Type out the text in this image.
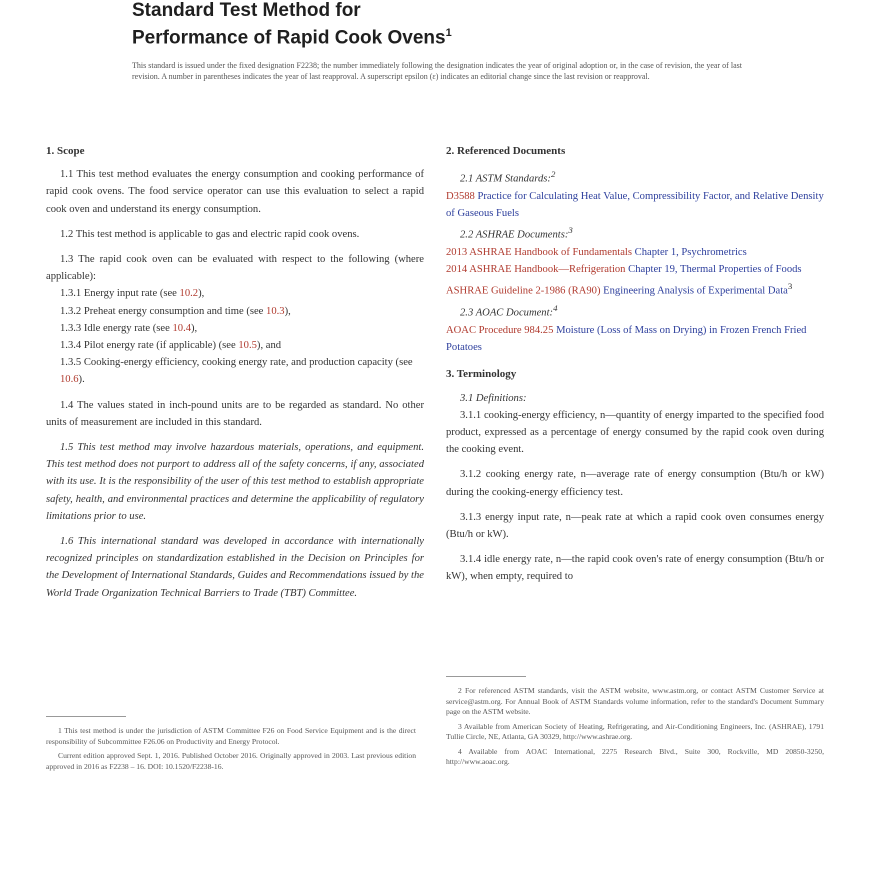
Standard Test Method for
Performance of Rapid Cook Ovens$^1$
This standard is issued under the fixed designation F2238; the number immediately following the designation indicates the year of original adoption or, in the case of revision, the year of last revision. A number in parentheses indicates the year of last reapproval. A superscript epsilon (ε) indicates an editorial change since the last revision or reapproval.
1. Scope

1.1 This test method evaluates the energy consumption and cooking performance of rapid cook ovens. The food service operator can use this evaluation to select a rapid cook oven and understand its energy consumption.

1.2 This test method is applicable to gas and electric rapid cook ovens.

1.3 The rapid cook oven can be evaluated with respect to the following (where applicable):

1.3.1 Energy input rate (see 10.2),

1.3.2 Preheat energy consumption and time (see 10.3),

1.3.3 Idle energy rate (see 10.4),

1.3.4 Pilot energy rate (if applicable) (see 10.5), and

1.3.5 Cooking-energy efficiency, cooking energy rate, and production capacity (see 10.6).

1.4 The values stated in inch-pound units are to be regarded as standard. No other units of measurement are included in this standard.

1.5 This test method may involve hazardous materials, operations, and equipment. This test method does not purport to address all of the safety concerns, if any, associated with its use. It is the responsibility of the user of this test method to establish appropriate safety, health, and environmental practices and determine the applicability of regulatory limitations prior to use.

1.6 This international standard was developed in accordance with internationally recognized principles on standardization established in the Decision on Principles for the Development of International Standards, Guides and Recommendations issued by the World Trade Organization Technical Barriers to Trade (TBT) Committee.

1 This test method is under the jurisdiction of ASTM Committee F26 on Food Service Equipment and is the direct responsibility of Subcommittee F26.06 on Productivity and Energy Protocol.

Current edition approved Sept. 1, 2016. Published October 2016. Originally approved in 2003. Last previous edition approved in 2016 as F2238 – 16. DOI: 10.1520/F2238-16.

2. Referenced Documents

2.1 ASTM Standards:$^2$

D3588 Practice for Calculating Heat Value, Compressibility Factor, and Relative Density of Gaseous Fuels

2.2 ASHRAE Documents:$^3$

2013 ASHRAE Handbook of Fundamentals Chapter 1, Psychrometrics

2014 ASHRAE Handbook—Refrigeration Chapter 19, Thermal Properties of Foods

ASHRAE Guideline 2-1986 (RA90) Engineering Analysis of Experimental Data$^3$

2.3 AOAC Document:$^4$

AOAC Procedure 984.25 Moisture (Loss of Mass on Drying) in Frozen French Fried Potatoes

3. Terminology

3.1 Definitions:

3.1.1 cooking-energy efficiency, n—quantity of energy imparted to the specified food product, expressed as a percentage of energy consumed by the rapid cook oven during the cooking event.

3.1.2 cooking energy rate, n—average rate of energy consumption (Btu/h or kW) during the cooking-energy efficiency test.

3.1.3 energy input rate, n—peak rate at which a rapid cook oven consumes energy (Btu/h or kW).

3.1.4 idle energy rate, n—the rapid cook oven's rate of energy consumption (Btu/h or kW), when empty, required to

2 For referenced ASTM standards, visit the ASTM website, www.astm.org, or contact ASTM Customer Service at service@astm.org. For Annual Book of ASTM Standards volume information, refer to the standard's Document Summary page on the ASTM website.

3 Available from American Society of Heating, Refrigerating, and Air-Conditioning Engineers, Inc. (ASHRAE), 1791 Tullie Circle, NE, Atlanta, GA 30329, http://www.ashrae.org.

4 Available from AOAC International, 2275 Research Blvd., Suite 300, Rockville, MD 20850-3250, http://www.aoac.org.
